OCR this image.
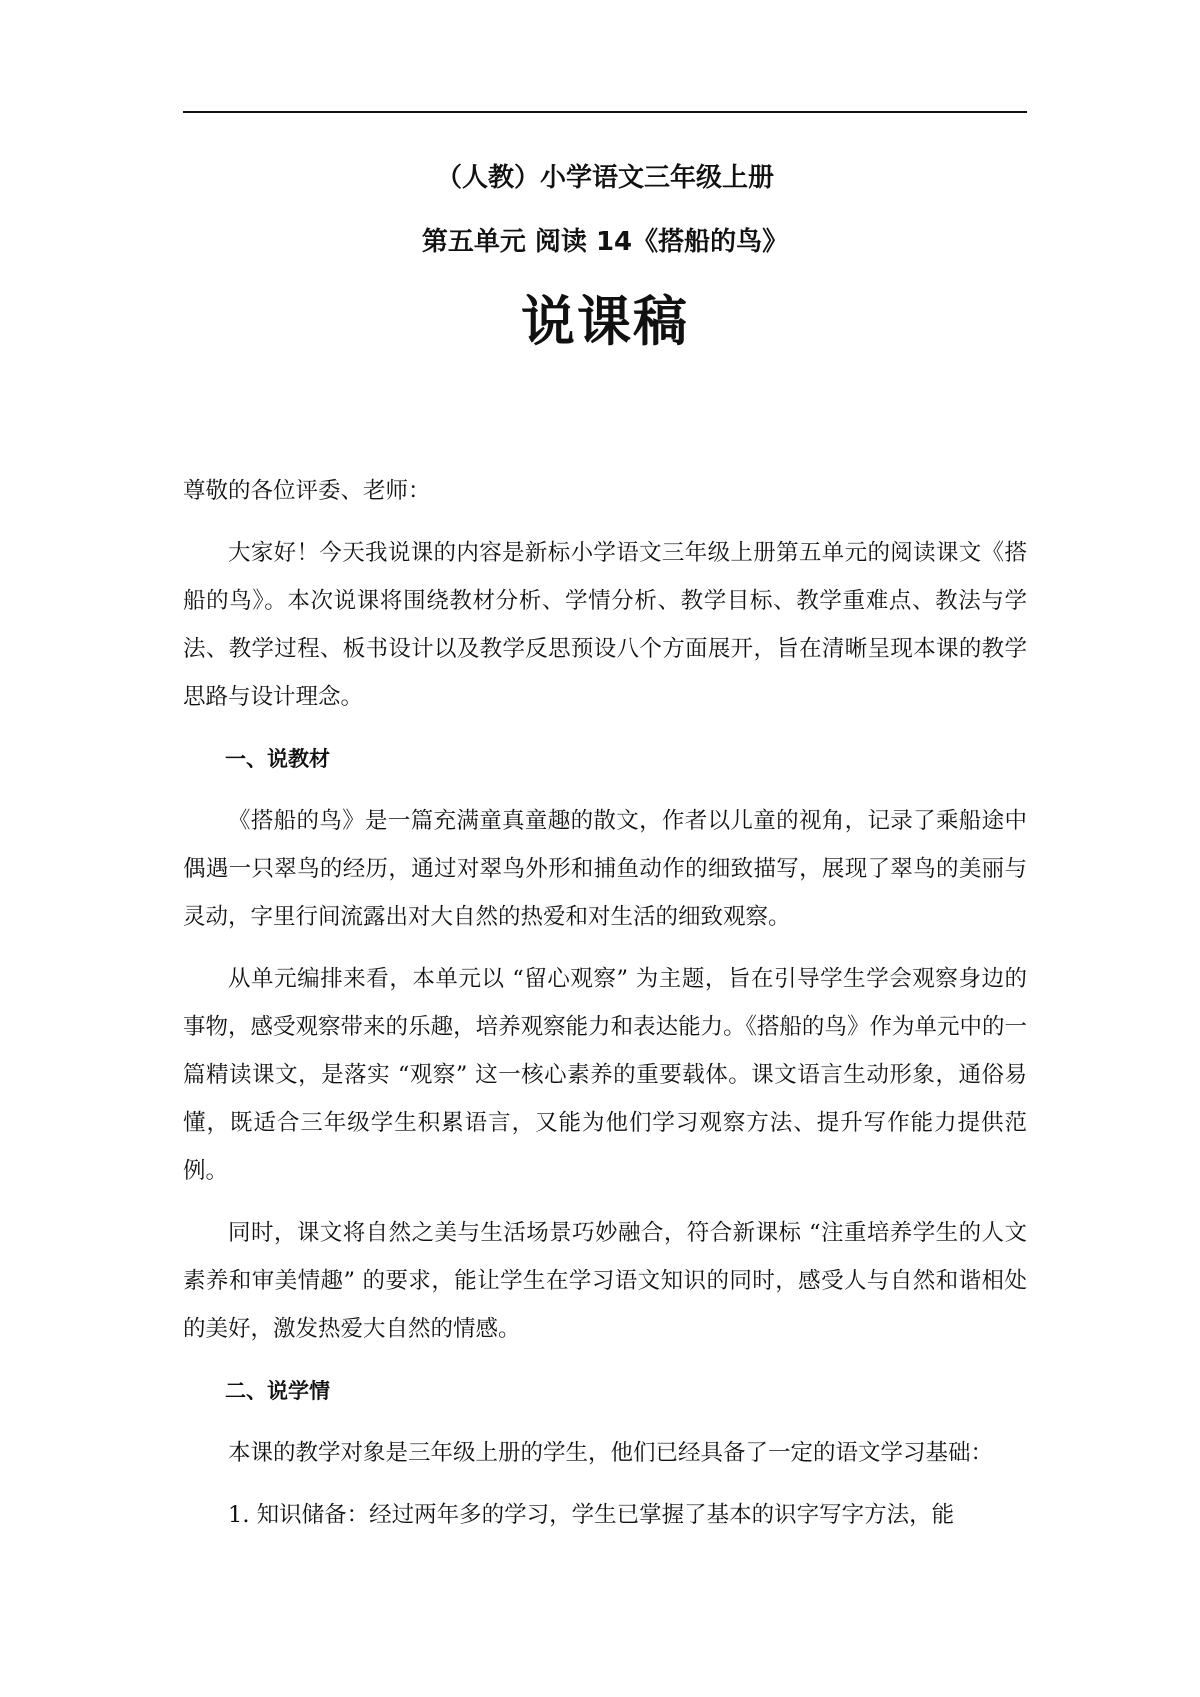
（人教）小学语文三年级上册
第五单元 阅读 14《搭船的鸟》
说课稿

尊敬的各位评委、老师：

大家好！今天我说课的内容是新标小学语文三年级上册第五单元的阅读课文《搭船的鸟》。本次说课将围绕教材分析、学情分析、教学目标、教学重难点、教法与学法、教学过程、板书设计以及教学反思预设八个方面展开，旨在清晰呈现本课的教学思路与设计理念。

一、说教材

《搭船的鸟》是一篇充满童真童趣的散文，作者以儿童的视角，记录了乘船途中偶遇一只翠鸟的经历，通过对翠鸟外形和捕鱼动作的细致描写，展现了翠鸟的美丽与灵动，字里行间流露出对大自然的热爱和对生活的细致观察。

从单元编排来看，本单元以 “留心观察” 为主题，旨在引导学生学会观察身边的事物，感受观察带来的乐趣，培养观察能力和表达能力。《搭船的鸟》作为单元中的一篇精读课文，是落实 “观察” 这一核心素养的重要载体。课文语言生动形象，通俗易懂，既适合三年级学生积累语言，又能为他们学习观察方法、提升写作能力提供范例。

同时，课文将自然之美与生活场景巧妙融合，符合新课标 “注重培养学生的人文素养和审美情趣” 的要求，能让学生在学习语文知识的同时，感受人与自然和谐相处的美好，激发热爱大自然的情感。

二、说学情

本课的教学对象是三年级上册的学生，他们已经具备了一定的语文学习基础：

1. 知识储备：经过两年多的学习，学生已掌握了基本的识字写字方法，能
